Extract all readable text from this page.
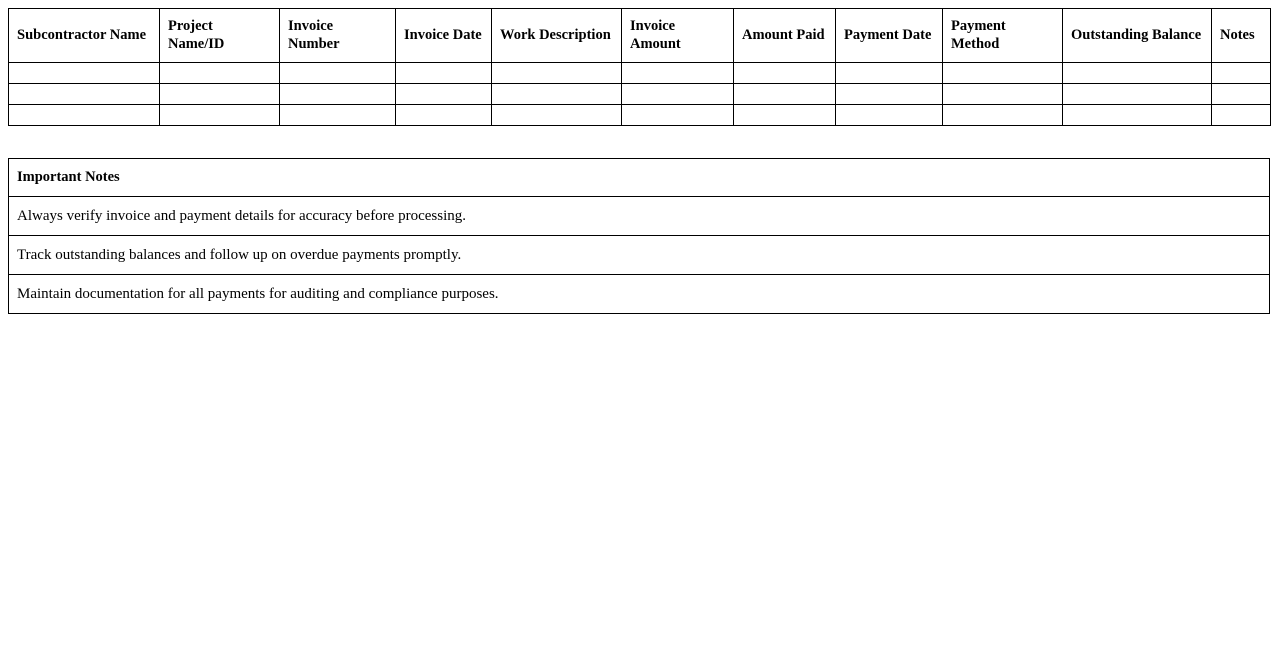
Subcontractor Name	Project Name/ID	Invoice Number	Invoice Date	Work Description	Invoice Amount	Amount Paid	Payment Date	Payment Method	Outstanding Balance	Notes

Important Notes
Always verify invoice and payment details for accuracy before processing.
Track outstanding balances and follow up on overdue payments promptly.
Maintain documentation for all payments for auditing and compliance purposes.
